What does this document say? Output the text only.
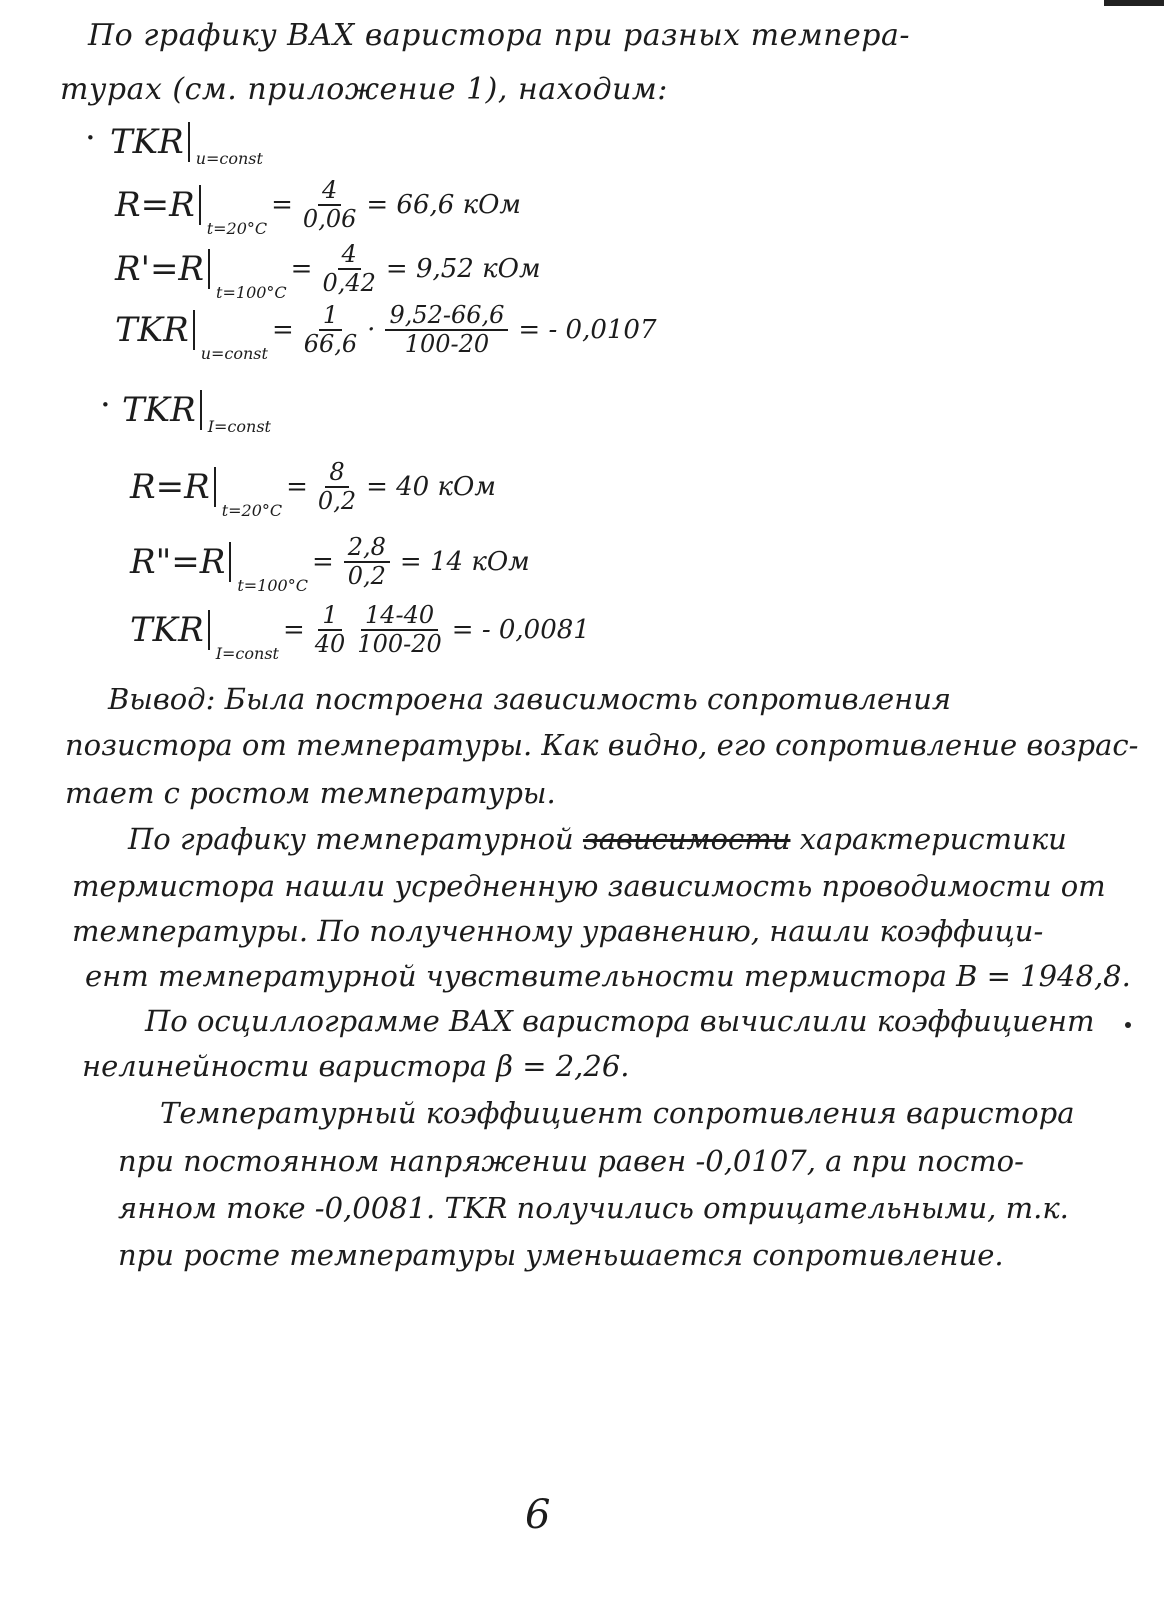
По графику ВАХ варистора при разных темпера-
турах (см. приложение 1), находим:
· TKR u=const
R=R
t=20°C
= $\frac{4}{0,06} = 66,6$ кОм
R'=R
t=100°C
= $\frac{4}{0,42} = 9,52$ кОм
TKR
u=const
= $\frac{1}{66,6} \cdot \frac{9,52-66,6}{100-20}$ = - 0,0107
· TKR I=const
R=R
t=20°C
= $\frac{8}{0,2} = 40$ кОм
R"=R
t=100°C
= $\frac{2,8}{0,2} = 14$ кОм
TKR
I=const
= $\frac{1}{40} \frac{14-40}{100-20}$ = - 0,0081
Вывод: Была построена зависимость сопротивления
позистора от температуры. Как видно, его сопротивление возрас-
тает с ростом температуры.
По графику температурной зависимости характеристики
термистора нашли усредненную зависимость проводимости от
температуры. По полученному уравнению, нашли коэффици-
ент температурной чувствительности термистора В = 1948,8.
По осциллограмме ВАХ варистора вычислили коэффициент
нелинейности варистора β = 2,26.
Температурный коэффициент сопротивления варистора
при постоянном напряжении равен -0,0107, а при посто-
янном токе -0,0081. TKR получились отрицательными, т.к.
при росте температуры уменьшается сопротивление.
6
